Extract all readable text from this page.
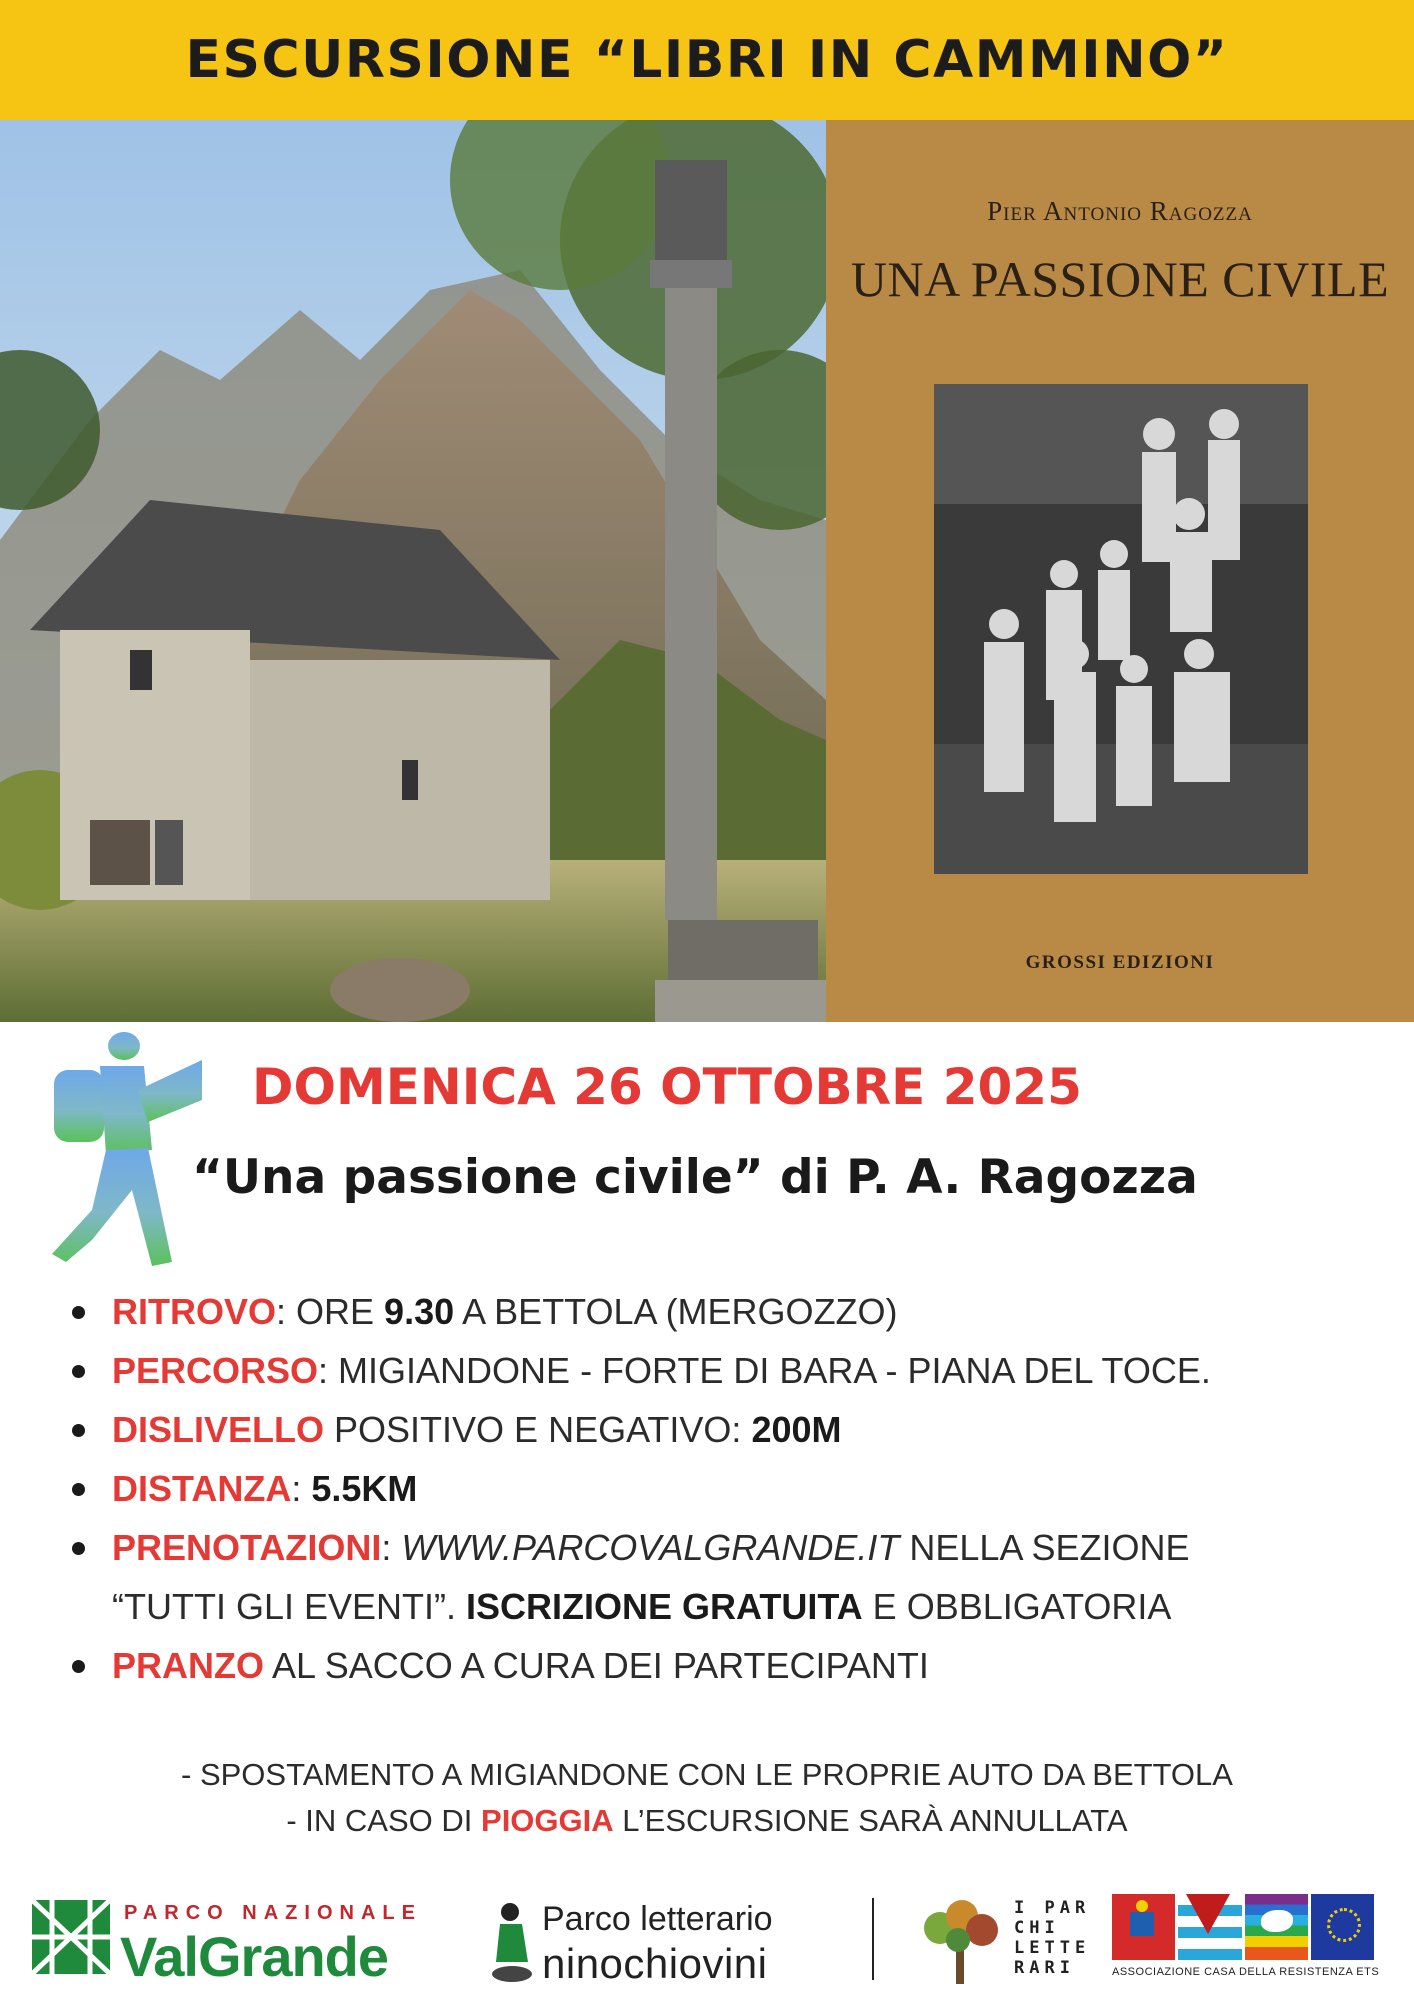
ESCURSIONE “LIBRI IN CAMMINO”
Pier Antonio Ragozza
UNA PASSIONE CIVILE
GROSSI EDIZIONI
DOMENICA 26 OTTOBRE 2025
“Una passione civile” di P. A. Ragozza
RITROVO: ORE 9.30 A BETTOLA (MERGOZZO)
PERCORSO: MIGIANDONE - FORTE DI BARA - PIANA DEL TOCE.
DISLIVELLO POSITIVO E NEGATIVO: 200M
DISTANZA: 5.5KM
PRENOTAZIONI: WWW.PARCOVALGRANDE.IT NELLA SEZIONE
“TUTTI GLI EVENTI”. ISCRIZIONE GRATUITA E OBBLIGATORIA
PRANZO AL SACCO A CURA DEI PARTECIPANTI
- SPOSTAMENTO A MIGIANDONE CON LE PROPRIE AUTO DA BETTOLA
- IN CASO DI PIOGGIA L’ESCURSIONE SARÀ ANNULLATA
PARCO NAZIONALE
ValGrande
Parco letterario
ninochiovini
I PAR CHI LETTE RARI	ASSOCIAZIONE CASA DELLA RESISTENZA ETS
